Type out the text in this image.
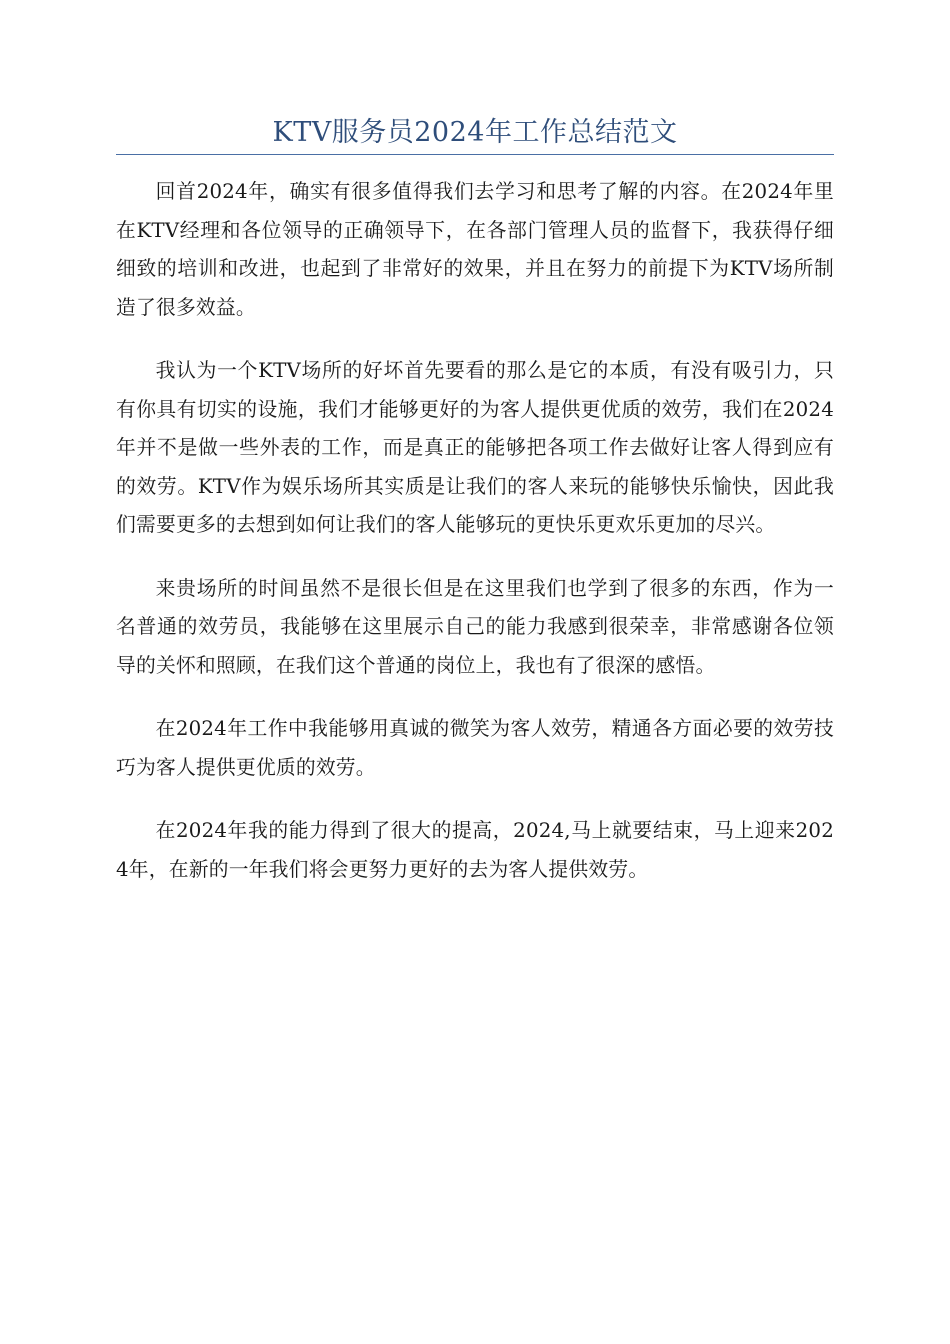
KTV服务员2024年工作总结范文

回首2024年，确实有很多值得我们去学习和思考了解的内容。在2024年里在KTV经理和各位领导的正确领导下，在各部门管理人员的监督下，我获得仔细细致的培训和改进，也起到了非常好的效果，并且在努力的前提下为KTV场所制造了很多效益。

我认为一个KTV场所的好坏首先要看的那么是它的本质，有没有吸引力，只有你具有切实的设施，我们才能够更好的为客人提供更优质的效劳，我们在2024年并不是做一些外表的工作，而是真正的能够把各项工作去做好让客人得到应有的效劳。KTV作为娱乐场所其实质是让我们的客人来玩的能够快乐愉快，因此我们需要更多的去想到如何让我们的客人能够玩的更快乐更欢乐更加的尽兴。

来贵场所的时间虽然不是很长但是在这里我们也学到了很多的东西，作为一名普通的效劳员，我能够在这里展示自己的能力我感到很荣幸，非常感谢各位领导的关怀和照顾，在我们这个普通的岗位上，我也有了很深的感悟。

在2024年工作中我能够用真诚的微笑为客人效劳，精通各方面必要的效劳技巧为客人提供更优质的效劳。

在2024年我的能力得到了很大的提高，2024,马上就要结束，马上迎来2024年，在新的一年我们将会更努力更好的去为客人提供效劳。
